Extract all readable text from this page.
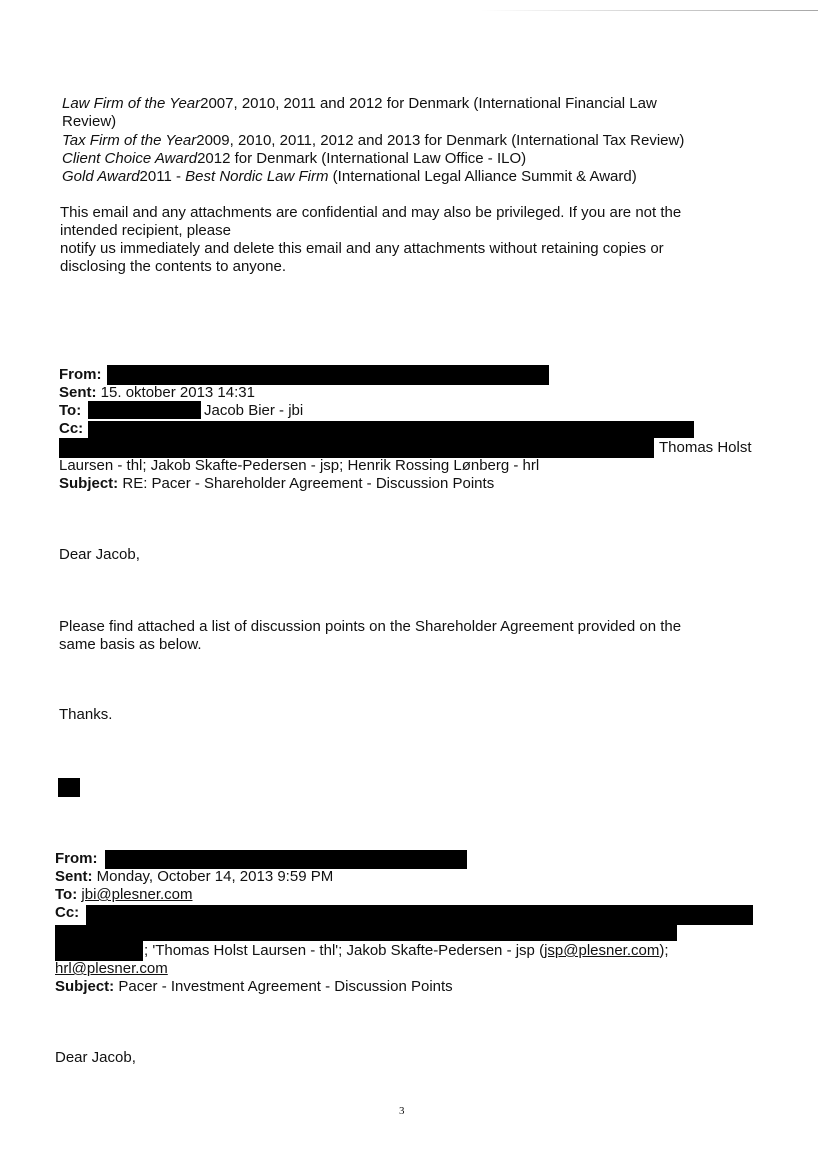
Law Firm of the Year2007, 2010, 2011 and 2012 for Denmark (International Financial Law
Review)
Tax Firm of the Year2009, 2010, 2011, 2012 and 2013 for Denmark (International Tax Review)
Client Choice Award2012 for Denmark (International Law Office - ILO)
Gold Award2011 - Best Nordic Law Firm (International Legal Alliance Summit & Award)
This email and any attachments are confidential and may also be privileged. If you are not the
intended recipient, please
notify us immediately and delete this email and any attachments without retaining copies or
disclosing the contents to anyone.
From:
Sent: 15. oktober 2013 14:31
To:	Jacob Bier - jbi
Cc:
Thomas Holst
Laursen - thl; Jakob Skafte-Pedersen - jsp; Henrik Rossing Lønberg - hrl
Subject: RE: Pacer - Shareholder Agreement - Discussion Points
Dear Jacob,
Please find attached a list of discussion points on the Shareholder Agreement provided on the
same basis as below.
Thanks.
From:
Sent: Monday, October 14, 2013 9:59 PM
To: jbi@plesner.com
Cc:
; 'Thomas Holst Laursen - thl'; Jakob Skafte-Pedersen - jsp (jsp@plesner.com);
hrl@plesner.com
Subject: Pacer - Investment Agreement - Discussion Points
Dear Jacob,
3
